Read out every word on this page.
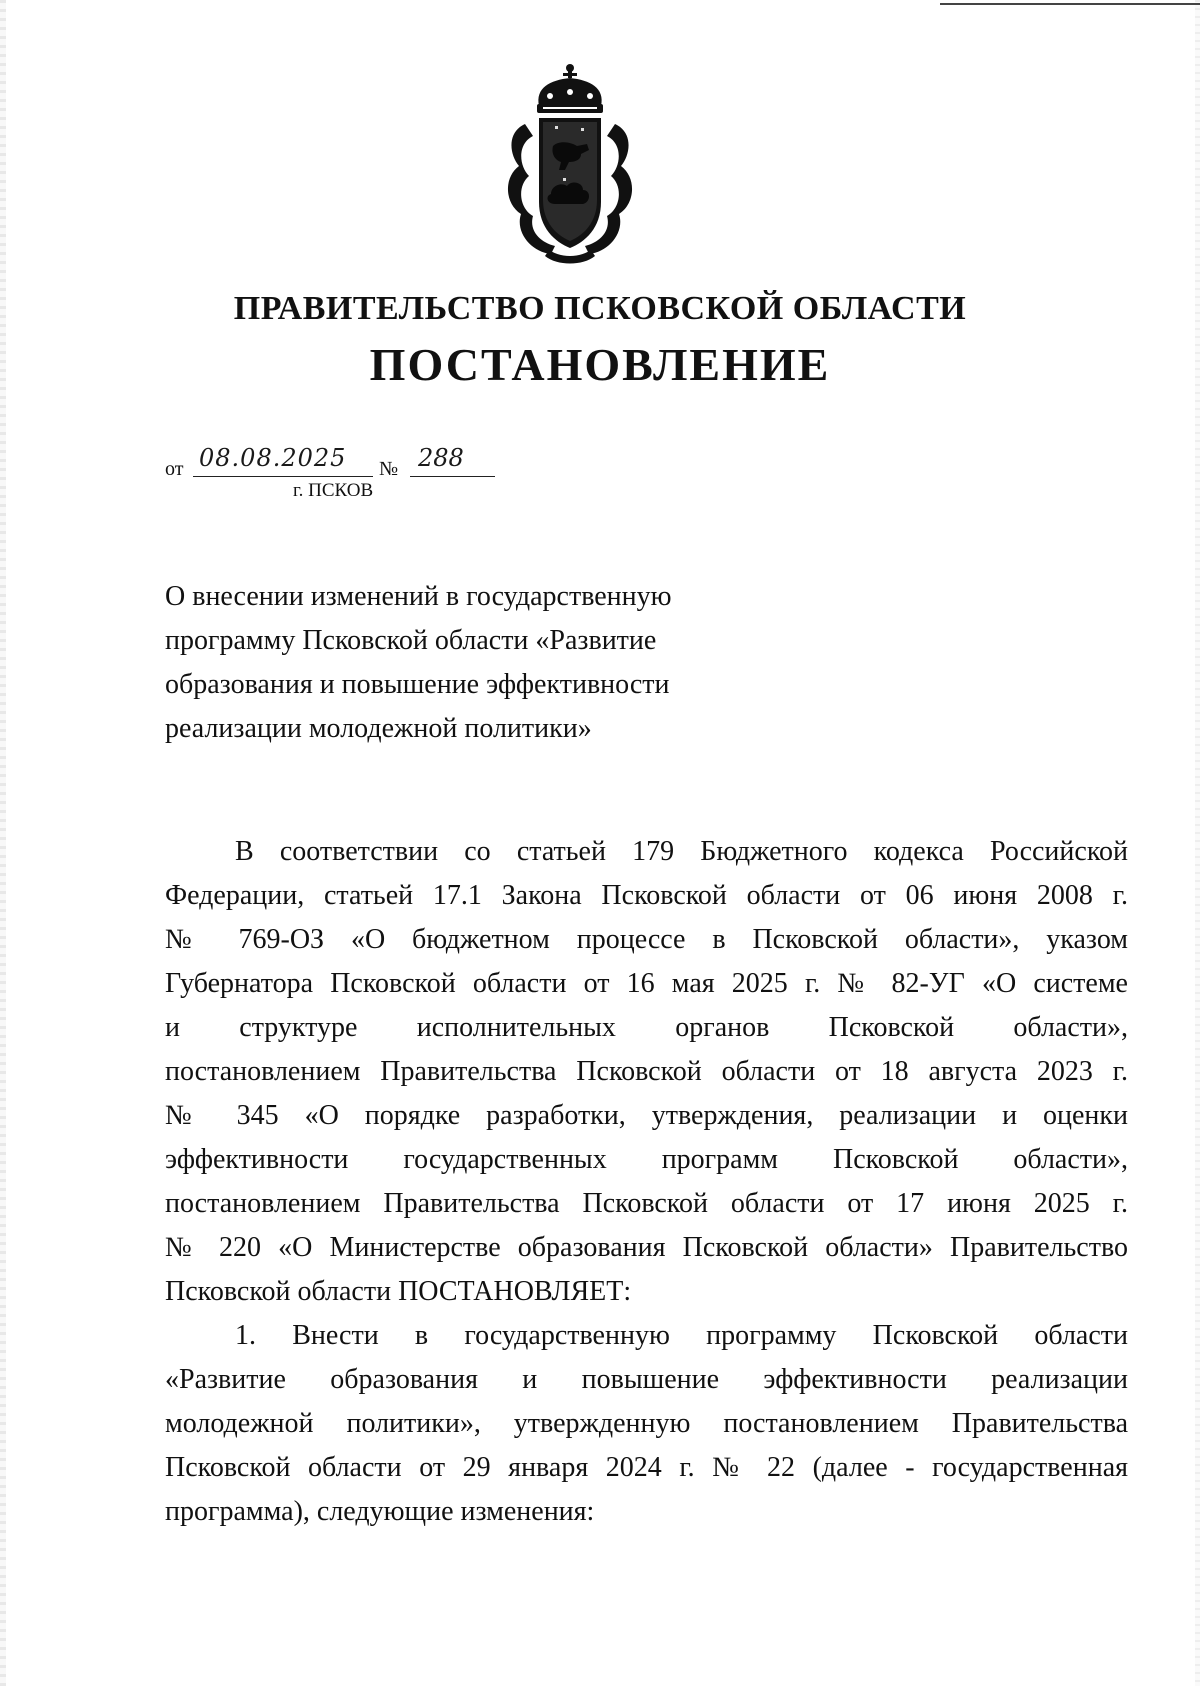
ПРАВИТЕЛЬСТВО ПСКОВСКОЙ ОБЛАСТИ
ПОСТАНОВЛЕНИЕ
от 08.08.2025 № 288
г. ПСКОВ
О внесении изменений в государственную
программу Псковской области «Развитие
образования и повышение эффективности
реализации молодежной политики»
В соответствии со статьей 179 Бюджетного кодекса Российской
Федерации, статьей 17.1 Закона Псковской области от 06 июня 2008 г.
№ 769-ОЗ «О бюджетном процессе в Псковской области», указом
Губернатора Псковской области от 16 мая 2025 г. № 82-УГ «О системе
и структуре исполнительных органов Псковской области»,
постановлением Правительства Псковской области от 18 августа 2023 г.
№ 345 «О порядке разработки, утверждения, реализации и оценки
эффективности государственных программ Псковской области»,
постановлением Правительства Псковской области от 17 июня 2025 г.
№ 220 «О Министерстве образования Псковской области» Правительство
Псковской области ПОСТАНОВЛЯЕТ:
1. Внести в государственную программу Псковской области
«Развитие образования и повышение эффективности реализации
молодежной политики», утвержденную постановлением Правительства
Псковской области от 29 января 2024 г. № 22 (далее - государственная
программа), следующие изменения:
